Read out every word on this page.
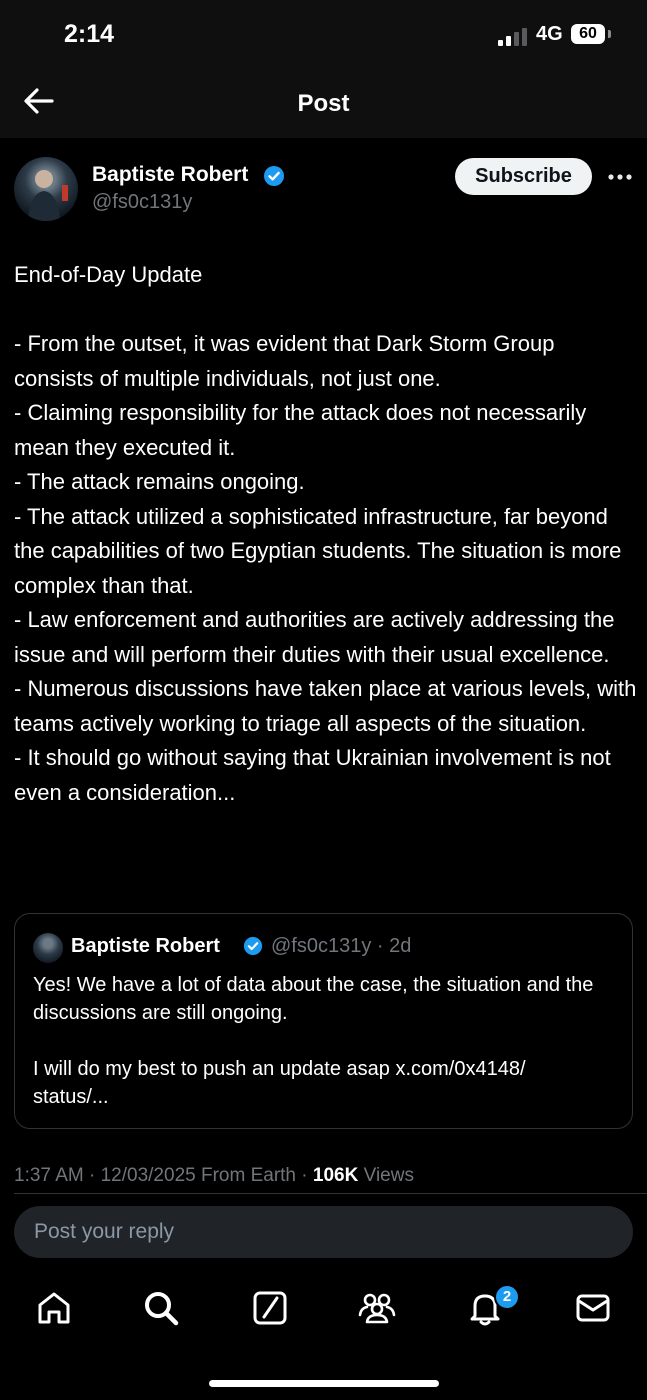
2:14	4G	60
Post
Baptiste Robert
@fs0c131y
Subscribe
End-of-Day Update

- From the outset, it was evident that Dark Storm Group consists of multiple individuals, not just one.
- Claiming responsibility for the attack does not necessarily mean they executed it.
- The attack remains ongoing.
- The attack utilized a sophisticated infrastructure, far beyond the capabilities of two Egyptian students. The situation is more complex than that.
- Law enforcement and authorities are actively addressing the issue and will perform their duties with their usual excellence.
- Numerous discussions have taken place at various levels, with teams actively working to triage all aspects of the situation.
- It should go without saying that Ukrainian involvement is not even a consideration...
Baptiste Robert	@fs0c131y · 2d
Yes! We have a lot of data about the case, the situation and the discussions are still ongoing.

I will do my best to push an update asap x.com/0x4148/
status/...
1:37 AM · 12/03/2025 From Earth · 106K Views
Post your reply
2
